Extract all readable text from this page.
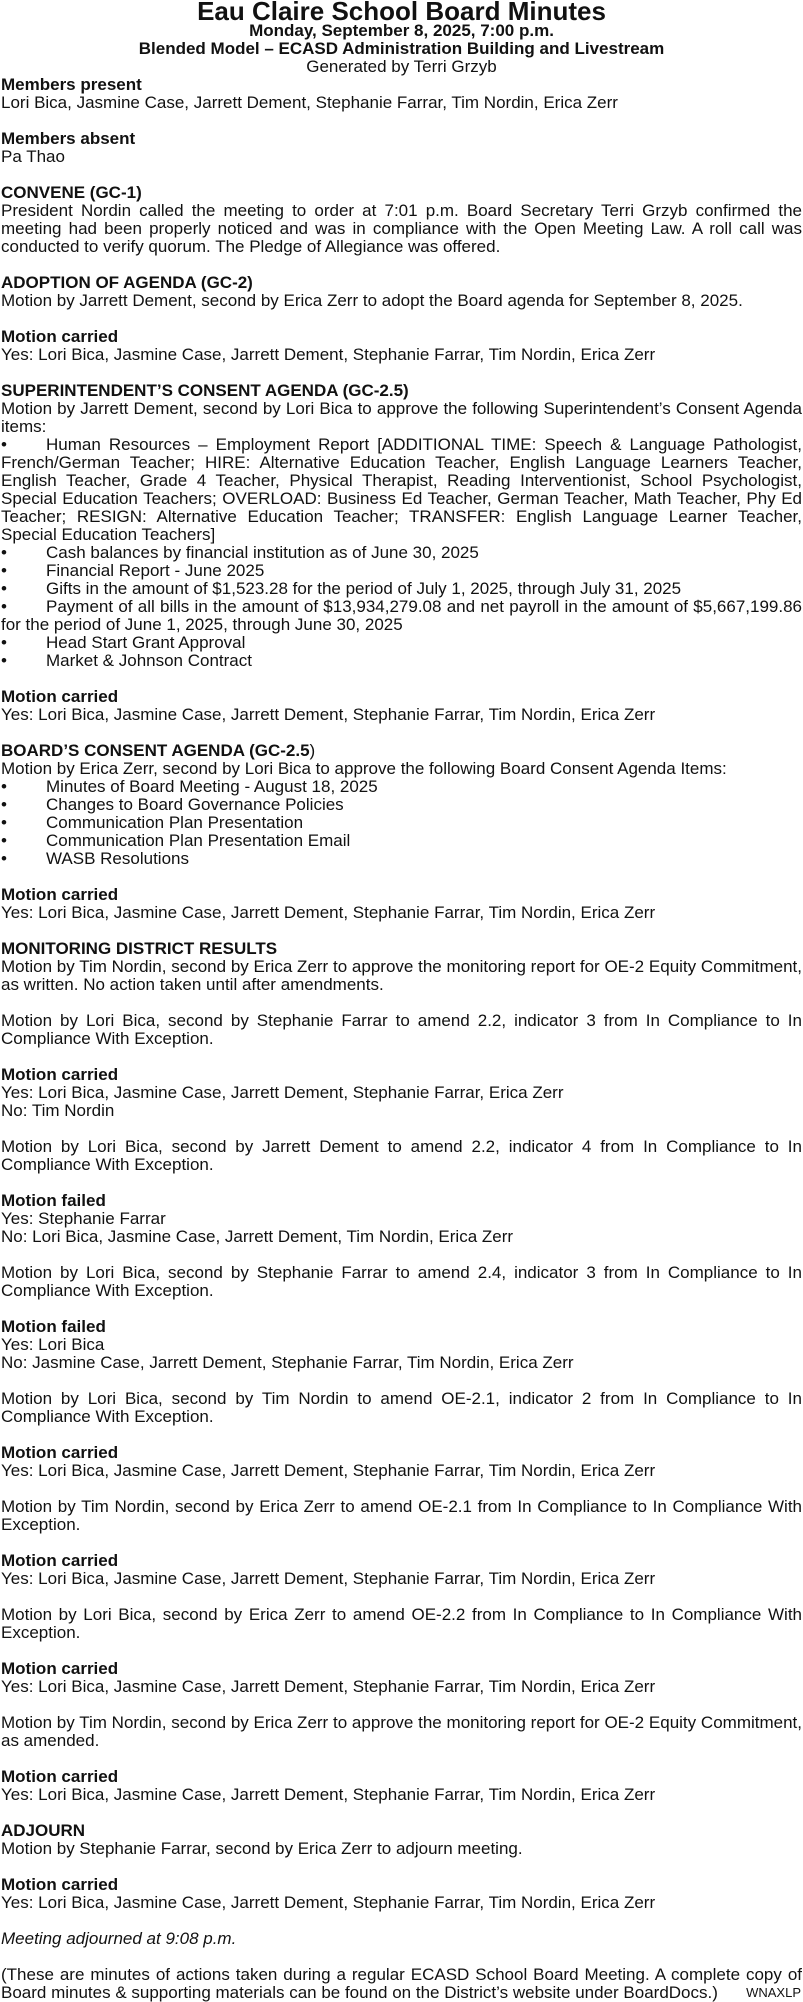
Eau Claire School Board Minutes
Monday, September 8, 2025, 7:00 p.m.
Blended Model – ECASD Administration Building and Livestream
Generated by Terri Grzyb
Members present
Lori Bica, Jasmine Case, Jarrett Dement, Stephanie Farrar, Tim Nordin, Erica Zerr
Members absent
Pa Thao
CONVENE (GC-1)

President Nordin called the meeting to order at 7:01 p.m. Board Secretary Terri Grzyb confirmed the meeting had been properly noticed and was in compliance with the Open Meeting Law. A roll call was conducted to verify quorum. The Pledge of Allegiance was offered.

ADOPTION OF AGENDA (GC-2)

Motion by Jarrett Dement, second by Erica Zerr to adopt the Board agenda for September 8, 2025.

Motion carried
Yes: Lori Bica, Jasmine Case, Jarrett Dement, Stephanie Farrar, Tim Nordin, Erica Zerr
SUPERINTENDENT’S CONSENT AGENDA (GC-2.5)

Motion by Jarrett Dement, second by Lori Bica to approve the following Superintendent’s Consent Agenda items:

• Human Resources – Employment Report [ADDITIONAL TIME: Speech & Language Pathologist, French/German Teacher; HIRE: Alternative Education Teacher, English Language Learners Teacher, English Teacher, Grade 4 Teacher, Physical Therapist, Reading Interventionist, School Psychologist, Special Education Teachers; OVERLOAD: Business Ed Teacher, German Teacher, Math Teacher, Phy Ed Teacher; RESIGN: Alternative Education Teacher; TRANSFER: English Language Learner Teacher, Special Education Teachers]
• Cash balances by financial institution as of June 30, 2025
• Financial Report - June 2025
• Gifts in the amount of $1,523.28 for the period of July 1, 2025, through July 31, 2025
• Payment of all bills in the amount of $13,934,279.08 and net payroll in the amount of $5,667,199.86 for the period of June 1, 2025, through June 30, 2025
• Head Start Grant Approval
• Market & Johnson Contract
Motion carried
Yes: Lori Bica, Jasmine Case, Jarrett Dement, Stephanie Farrar, Tim Nordin, Erica Zerr
BOARD’S CONSENT AGENDA (GC-2.5)

Motion by Erica Zerr, second by Lori Bica to approve the following Board Consent Agenda Items:

• Minutes of Board Meeting - August 18, 2025
• Changes to Board Governance Policies
• Communication Plan Presentation
• Communication Plan Presentation Email
• WASB Resolutions
Motion carried
Yes: Lori Bica, Jasmine Case, Jarrett Dement, Stephanie Farrar, Tim Nordin, Erica Zerr
MONITORING DISTRICT RESULTS

Motion by Tim Nordin, second by Erica Zerr to approve the monitoring report for OE-2 Equity Commitment, as written. No action taken until after amendments.

Motion by Lori Bica, second by Stephanie Farrar to amend 2.2, indicator 3 from In Compliance to In Compliance With Exception.

Motion carried
Yes: Lori Bica, Jasmine Case, Jarrett Dement, Stephanie Farrar, Erica Zerr
No: Tim Nordin

Motion by Lori Bica, second by Jarrett Dement to amend 2.2, indicator 4 from In Compliance to In Compliance With Exception.

Motion failed
Yes: Stephanie Farrar
No: Lori Bica, Jasmine Case, Jarrett Dement, Tim Nordin, Erica Zerr

Motion by Lori Bica, second by Stephanie Farrar to amend 2.4, indicator 3 from In Compliance to In Compliance With Exception.

Motion failed
Yes: Lori Bica
No: Jasmine Case, Jarrett Dement, Stephanie Farrar, Tim Nordin, Erica Zerr

Motion by Lori Bica, second by Tim Nordin to amend OE-2.1, indicator 2 from In Compliance to In Compliance With Exception.

Motion carried
Yes: Lori Bica, Jasmine Case, Jarrett Dement, Stephanie Farrar, Tim Nordin, Erica Zerr

Motion by Tim Nordin, second by Erica Zerr to amend OE-2.1 from In Compliance to In Compliance With Exception.

Motion carried
Yes: Lori Bica, Jasmine Case, Jarrett Dement, Stephanie Farrar, Tim Nordin, Erica Zerr

Motion by Lori Bica, second by Erica Zerr to amend OE-2.2 from In Compliance to In Compliance With Exception.

Motion carried
Yes: Lori Bica, Jasmine Case, Jarrett Dement, Stephanie Farrar, Tim Nordin, Erica Zerr

Motion by Tim Nordin, second by Erica Zerr to approve the monitoring report for OE-2 Equity Commitment, as amended.

Motion carried
Yes: Lori Bica, Jasmine Case, Jarrett Dement, Stephanie Farrar, Tim Nordin, Erica Zerr
ADJOURN

Motion by Stephanie Farrar, second by Erica Zerr to adjourn meeting.

Motion carried
Yes: Lori Bica, Jasmine Case, Jarrett Dement, Stephanie Farrar, Tim Nordin, Erica Zerr

Meeting adjourned at 9:08 p.m.

(These are minutes of actions taken during a regular ECASD School Board Meeting. A complete copy of Board minutes & supporting materials can be found on the District’s website under BoardDocs.)	WNAXLP
